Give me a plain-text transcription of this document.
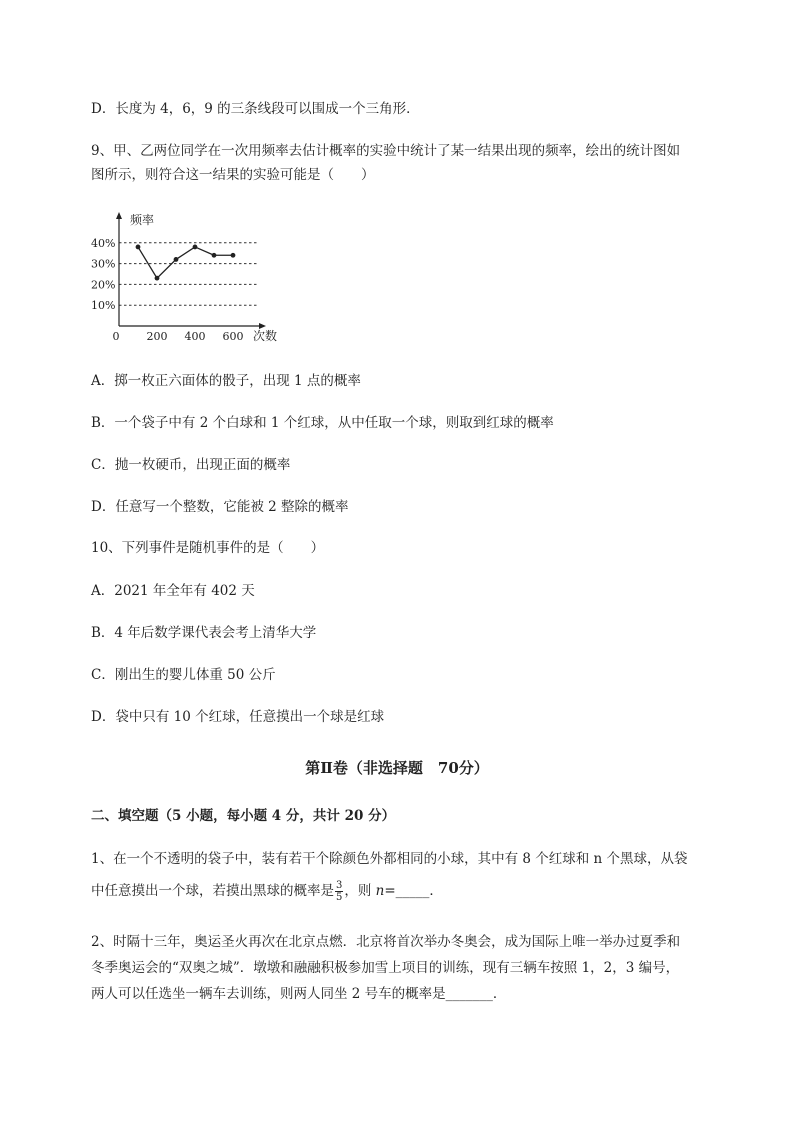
D．长度为 4，6，9 的三条线段可以围成一个三角形．
9、甲、乙两位同学在一次用频率去估计概率的实验中统计了某一结果出现的频率，绘出的统计图如
图所示，则符合这一结果的实验可能是（　　）
频率
次数
10%
20%
30%
40%
0 200 400 600
A．掷一枚正六面体的骰子，出现 1 点的概率
B．一个袋子中有 2 个白球和 1 个红球，从中任取一个球，则取到红球的概率
C．抛一枚硬币，出现正面的概率
D．任意写一个整数，它能被 2 整除的概率
10、下列事件是随机事件的是（　　）
A．2021 年全年有 402 天
B．4 年后数学课代表会考上清华大学
C．刚出生的婴儿体重 50 公斤
D．袋中只有 10 个红球，任意摸出一个球是红球
第Ⅱ卷（非选择题　70分）
二、填空题（5 小题，每小题 4 分，共计 20 分）
1、在一个不透明的袋子中，装有若干个除颜色外都相同的小球，其中有 8 个红球和 n 个黑球，从袋
中任意摸出一个球，若摸出黑球的概率是 $\frac{3}{5}$ ，则 n=_____．
2、时隔十三年，奥运圣火再次在北京点燃．北京将首次举办冬奥会，成为国际上唯一举办过夏季和
冬季奥运会的“双奥之城”．墩墩和融融积极参加雪上项目的训练，现有三辆车按照 1，2，3 编号，
两人可以任选坐一辆车去训练，则两人同坐 2 号车的概率是_______．
